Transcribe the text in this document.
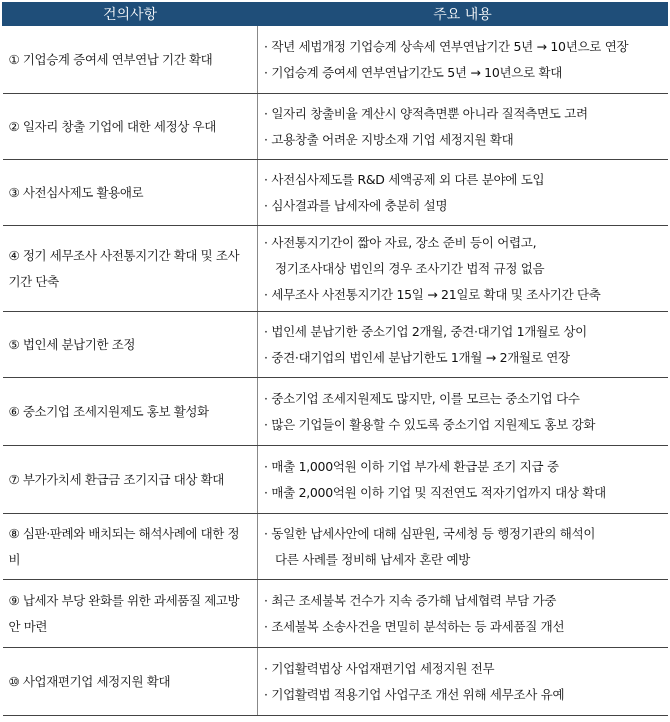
건의사항	주요 내용

① 기업승계 증여세 연부연납 기간 확대	· 작년 세법개정 기업승계 상속세 연부연납기간 5년 → 10년으로 연장
· 기업승계 증여세 연부연납기간도 5년 → 10년으로 확대

② 일자리 창출 기업에 대한 세정상 우대	· 일자리 창출비율 계산시 양적측면뿐 아니라 질적측면도 고려
· 고용창출 어려운 지방소재 기업 세정지원 확대

③ 사전심사제도 활용애로	· 사전심사제도를 R&D 세액공제 외 다른 분야에 도입
· 심사결과를 납세자에 충분히 설명

④ 정기 세무조사 사전통지기간 확대 및 조사기간 단축	· 사전통지기간이 짧아 자료, 장소 준비 등이 어렵고,
정기조사대상 법인의 경우 조사기간 법적 규정 없음
· 세무조사 사전통지기간 15일 → 21일로 확대 및 조사기간 단축

⑤ 법인세 분납기한 조정	· 법인세 분납기한 중소기업 2개월, 중견·대기업 1개월로 상이
· 중견·대기업의 법인세 분납기한도 1개월 → 2개월로 연장

⑥ 중소기업 조세지원제도 홍보 활성화	· 중소기업 조세지원제도 많지만, 이를 모르는 중소기업 다수
· 많은 기업들이 활용할 수 있도록 중소기업 지원제도 홍보 강화

⑦ 부가가치세 환급금 조기지급 대상 확대	· 매출 1,000억원 이하 기업 부가세 환급분 조기 지급 중
· 매출 2,000억원 이하 기업 및 직전연도 적자기업까지 대상 확대

⑧ 심판·판례와 배치되는 해석사례에 대한 정비	· 동일한 납세사안에 대해 심판원, 국세청 등 행정기관의 해석이
다른 사례를 정비해 납세자 혼란 예방

⑨ 납세자 부당 완화를 위한 과세품질 제고방안 마련	· 최근 조세불복 건수가 지속 증가해 납세협력 부담 가중
· 조세불복 소송사건을 면밀히 분석하는 등 과세품질 개선

⑩ 사업재편기업 세정지원 확대	· 기업활력법상 사업재편기업 세정지원 전무
· 기업활력법 적용기업 사업구조 개선 위해 세무조사 유예
